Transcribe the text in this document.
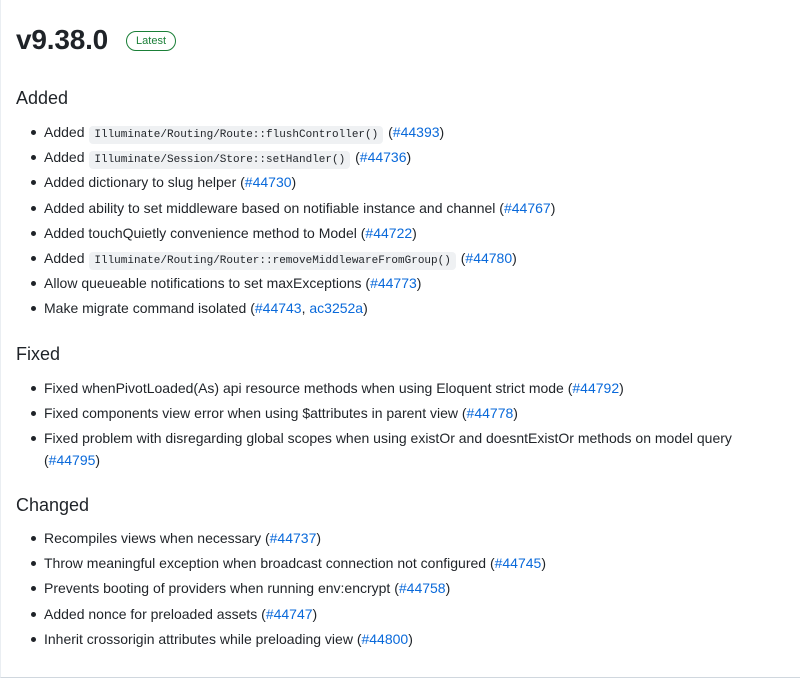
v9.38.0	Latest
Added
Added Illuminate/Routing/Route::flushController() (#44393)
Added Illuminate/Session/Store::setHandler() (#44736)
Added dictionary to slug helper (#44730)
Added ability to set middleware based on notifiable instance and channel (#44767)
Added touchQuietly convenience method to Model (#44722)
Added Illuminate/Routing/Router::removeMiddlewareFromGroup() (#44780)
Allow queueable notifications to set maxExceptions (#44773)
Make migrate command isolated (#44743, ac3252a)
Fixed
Fixed whenPivotLoaded(As) api resource methods when using Eloquent strict mode (#44792)
Fixed components view error when using $attributes in parent view (#44778)
Fixed problem with disregarding global scopes when using existOr and doesntExistOr methods on model query (#44795)
Changed
Recompiles views when necessary (#44737)
Throw meaningful exception when broadcast connection not configured (#44745)
Prevents booting of providers when running env:encrypt (#44758)
Added nonce for preloaded assets (#44747)
Inherit crossorigin attributes while preloading view (#44800)
